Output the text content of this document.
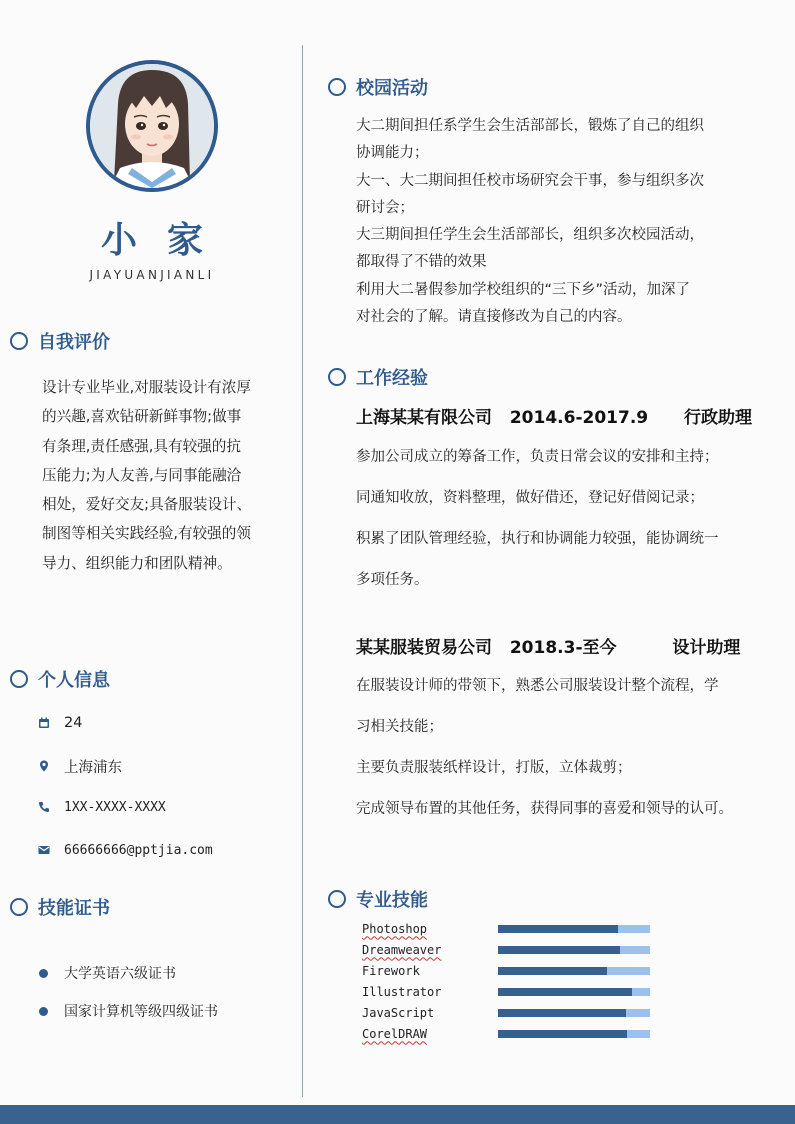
小家
JIAYUANJIANLI
自我评价
设计专业毕业,对服装设计有浓厚
的兴趣,喜欢钻研新鲜事物;做事
有条理,责任感强,具有较强的抗
压能力;为人友善,与同事能融洽
相处，爱好交友;具备服装设计、
制图等相关实践经验,有较强的领
导力、组织能力和团队精神。
个人信息
24
上海浦东
1XX-XXXX-XXXX
66666666@pptjia.com
技能证书
大学英语六级证书
国家计算机等级四级证书
校园活动
大二期间担任系学生会生活部部长，锻炼了自己的组织
协调能力；
大一、大二期间担任校市场研究会干事，参与组织多次
研讨会；
大三期间担任学生会生活部部长，组织多次校园活动，
都取得了不错的效果
利用大二暑假参加学校组织的“三下乡”活动，加深了
对社会的了解。请直接修改为自己的内容。
工作经验
上海某某有限公司 2014.6-2017.9 行政助理
参加公司成立的筹备工作，负责日常会议的安排和主持；
同通知收放，资料整理，做好借还，登记好借阅记录；
积累了团队管理经验，执行和协调能力较强，能协调统一
多项任务。
某某服装贸易公司 2018.3-至今	设计助理
在服装设计师的带领下，熟悉公司服装设计整个流程，学
习相关技能；
主要负责服装纸样设计，打版，立体裁剪；
完成领导布置的其他任务，获得同事的喜爱和领导的认可。
专业技能
Photoshop
Dreamweaver
Firework
Illustrator
JavaScript
CorelDRAW
